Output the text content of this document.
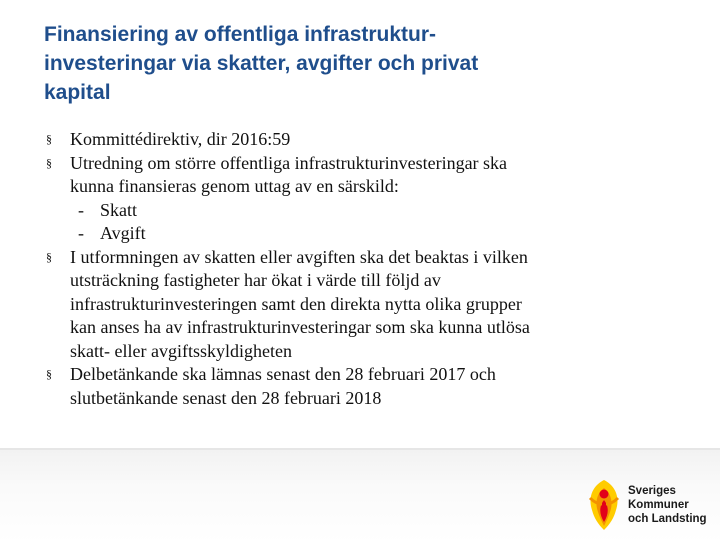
Finansiering av offentliga infrastruktur-
investeringar via skatter, avgifter och privat
kapital
§	Kommittédirektiv, dir 2016:59
§	Utredning om större offentliga infrastrukturinvesteringar ska
kunna finansieras genom uttag av en särskild:
- Skatt
- Avgift
§	I utformningen av skatten eller avgiften ska det beaktas i vilken
utsträckning fastigheter har ökat i värde till följd av
infrastrukturinvesteringen samt den direkta nytta olika grupper
kan anses ha av infrastrukturinvesteringar som ska kunna utlösa
skatt- eller avgiftsskyldigheten
§	Delbetänkande ska lämnas senast den 28 februari 2017 och
slutbetänkande senast den 28 februari 2018
Sveriges
Kommuner
och Landsting
